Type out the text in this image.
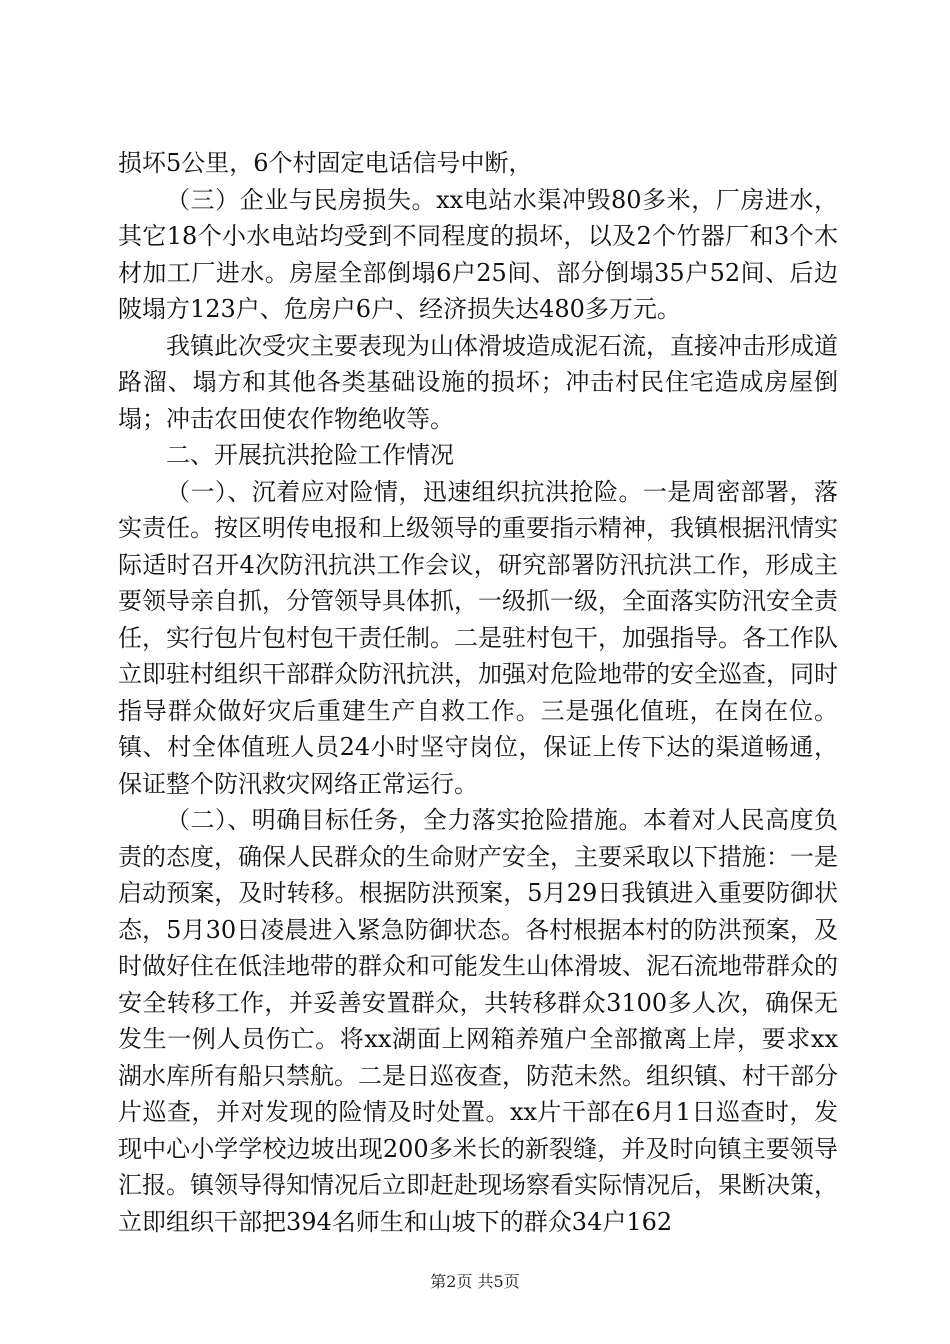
损坏5公里，6个村固定电话信号中断，

（三）企业与民房损失。xx电站水渠冲毁80多米，厂房进水，其它18个小水电站均受到不同程度的损坏，以及2个竹器厂和3个木材加工厂进水。房屋全部倒塌6户25间、部分倒塌35户52间、后边陂塌方123户、危房户6户、经济损失达480多万元。

我镇此次受灾主要表现为山体滑坡造成泥石流，直接冲击形成道路溜、塌方和其他各类基础设施的损坏；冲击村民住宅造成房屋倒塌；冲击农田使农作物绝收等。

二、开展抗洪抢险工作情况

（一）、沉着应对险情，迅速组织抗洪抢险。一是周密部署，落实责任。按区明传电报和上级领导的重要指示精神，我镇根据汛情实际适时召开4次防汛抗洪工作会议，研究部署防汛抗洪工作，形成主要领导亲自抓，分管领导具体抓，一级抓一级，全面落实防汛安全责任，实行包片包村包干责任制。二是驻村包干，加强指导。各工作队立即驻村组织干部群众防汛抗洪，加强对危险地带的安全巡查，同时指导群众做好灾后重建生产自救工作。三是强化值班，在岗在位。镇、村全体值班人员24小时坚守岗位，保证上传下达的渠道畅通，保证整个防汛救灾网络正常运行。

（二）、明确目标任务，全力落实抢险措施。本着对人民高度负责的态度，确保人民群众的生命财产安全，主要采取以下措施：一是启动预案，及时转移。根据防洪预案，5月29日我镇进入重要防御状态，5月30日凌晨进入紧急防御状态。各村根据本村的防洪预案，及时做好住在低洼地带的群众和可能发生山体滑坡、泥石流地带群众的安全转移工作，并妥善安置群众，共转移群众3100多人次，确保无发生一例人员伤亡。将xx湖面上网箱养殖户全部撤离上岸，要求xx湖水库所有船只禁航。二是日巡夜查，防范未然。组织镇、村干部分片巡查，并对发现的险情及时处置。xx片干部在6月1日巡查时，发现中心小学学校边坡出现200多米长的新裂缝，并及时向镇主要领导汇报。镇领导得知情况后立即赶赴现场察看实际情况后，果断决策，立即组织干部把394名师生和山坡下的群众34户162

第2页 共5页
